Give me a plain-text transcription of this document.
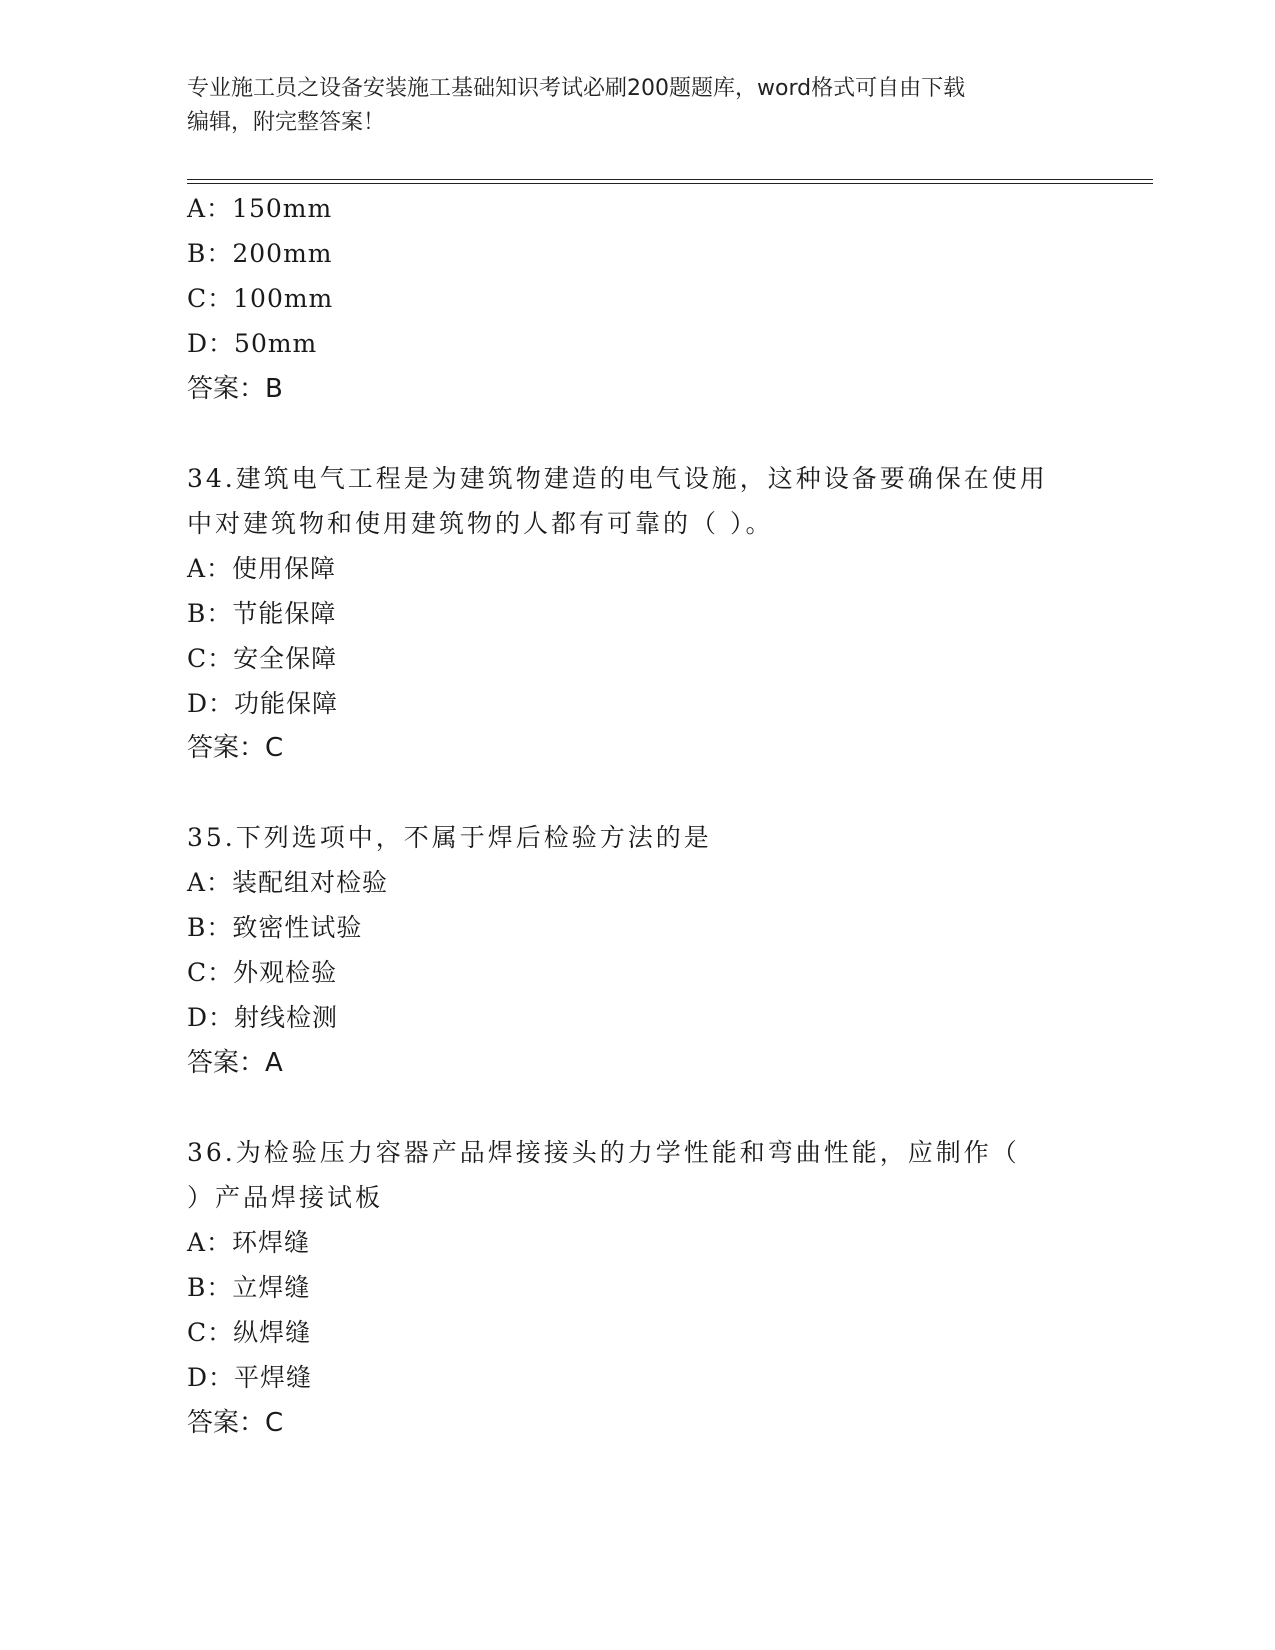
专业施工员之设备安装施工基础知识考试必刷200题题库，word格式可自由下载
编辑，附完整答案！
A：150mm
B：200mm
C：100mm
D：50mm
答案：B
34.建筑电气工程是为建筑物建造的电气设施，这种设备要确保在使用
中对建筑物和使用建筑物的人都有可靠的（ ）。
A：使用保障
B：节能保障
C：安全保障
D：功能保障
答案：C
35.下列选项中，不属于焊后检验方法的是
A：装配组对检验
B：致密性试验
C：外观检验
D：射线检测
答案：A
36.为检验压力容器产品焊接接头的力学性能和弯曲性能，应制作（
）产品焊接试板
A：环焊缝
B：立焊缝
C：纵焊缝
D：平焊缝
答案：C
